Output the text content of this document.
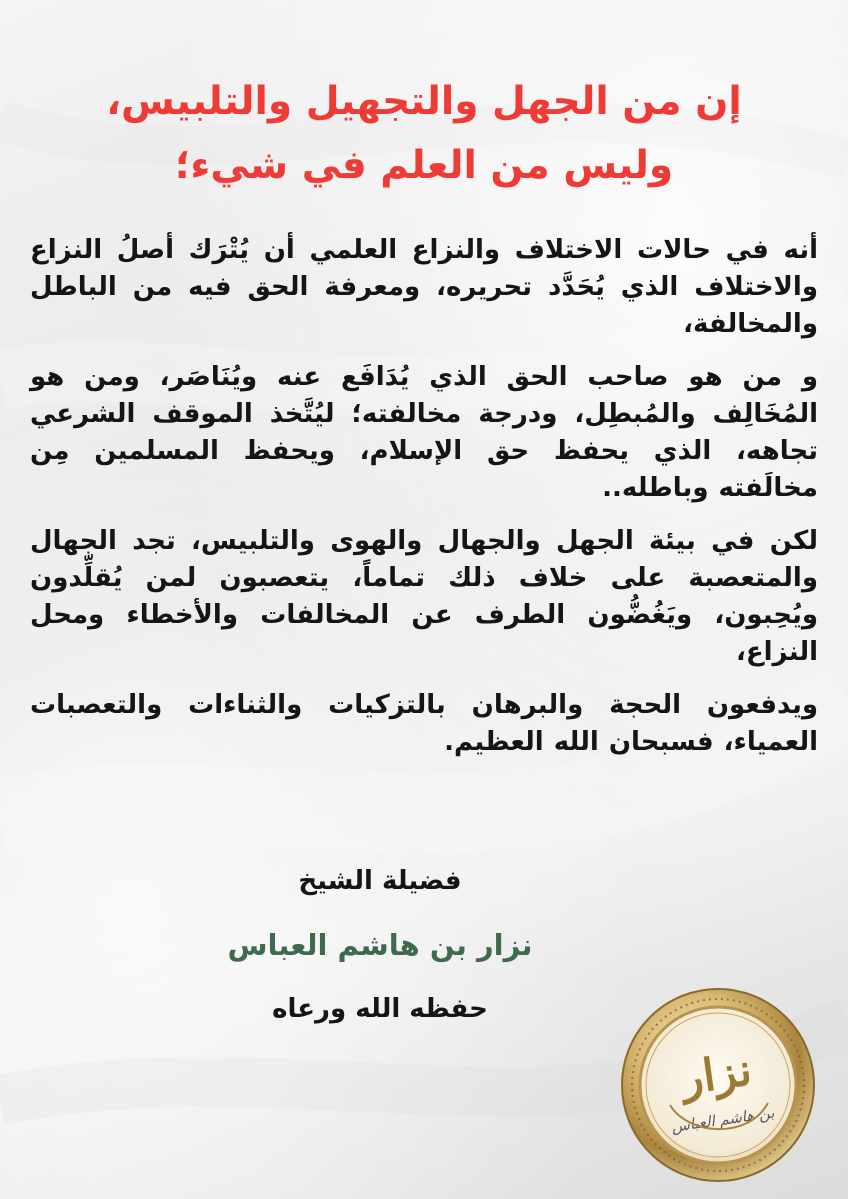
إن من الجهل والتجهيل والتلبيس،
وليس من العلم في شيء؛

أنه في حالات الاختلاف والنزاع العلمي أن يُتْرَك أصلُ النزاع والاختلاف الذي يُحَدَّد تحريره، ومعرفة الحق فيه من الباطل والمخالفة،

و من هو صاحب الحق الذي يُدَافَع عنه ويُنَاصَر، ومن هو المُخَالِف والمُبطِل، ودرجة مخالفته؛ ليُتَّخذ الموقف الشرعي تجاهه، الذي يحفظ حق الإسلام، ويحفظ المسلمين مِن مخالَفته وباطله..

لكن في بيئة الجهل والجهال والهوى والتلبيس، تجد الجهال والمتعصبة على خلاف ذلك تماماً، يتعصبون لمن يُقلِّدون ويُحِبون، ويَغُضُّون الطرف عن المخالفات والأخطاء ومحل النزاع،

ويدفعون الحجة والبرهان بالتزكيات والثناءات والتعصبات العمياء، فسبحان الله العظيم.

فضيلة الشيخ

نزار بن هاشم العباس

حفظه الله ورعاه

نزار
بن هاشم العباس
